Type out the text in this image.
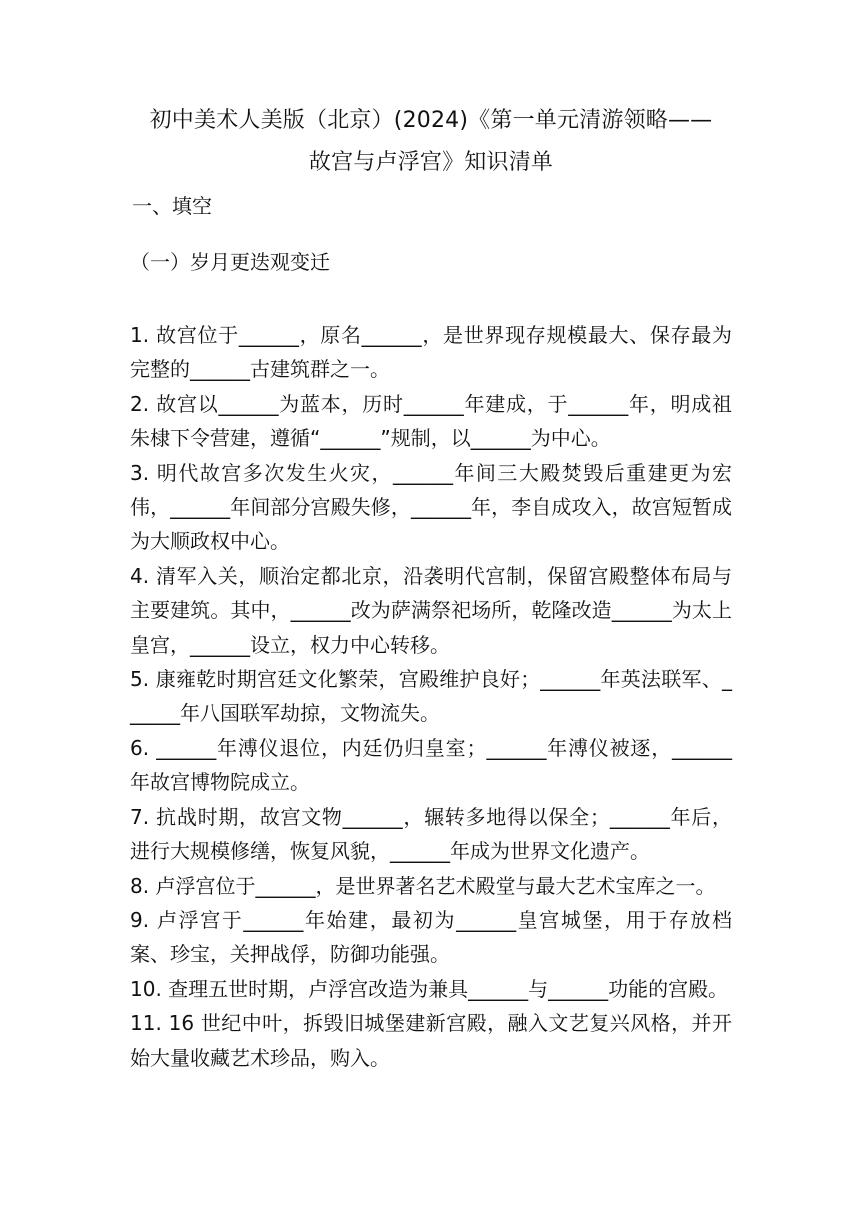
初中美术人美版（北京）(2024)《第一单元清游领略——
故宫与卢浮宫》知识清单
一、填空
（一）岁月更迭观变迁
1. 故宫位于______，原名______，是世界现存规模最大、保存最为完整的______古建筑群之一。
2. 故宫以______为蓝本，历时______年建成，于______年，明成祖朱棣下令营建，遵循“______”规制，以______为中心。
3. 明代故宫多次发生火灾，______年间三大殿焚毁后重建更为宏伟，______年间部分宫殿失修，______年，李自成攻入，故宫短暂成为大顺政权中心。
4. 清军入关，顺治定都北京，沿袭明代宫制，保留宫殿整体布局与主要建筑。其中，______改为萨满祭祀场所，乾隆改造______为太上皇宫，______设立，权力中心转移。
5. 康雍乾时期宫廷文化繁荣，宫殿维护良好；______年英法联军、______年八国联军劫掠，文物流失。
6. ______年溥仪退位，内廷仍归皇室；______年溥仪被逐，______年故宫博物院成立。
7. 抗战时期，故宫文物______，辗转多地得以保全；______年后，进行大规模修缮，恢复风貌，______年成为世界文化遗产。
8. 卢浮宫位于______，是世界著名艺术殿堂与最大艺术宝库之一。
9. 卢浮宫于______年始建，最初为______皇宫城堡，用于存放档案、珍宝，关押战俘，防御功能强。
10. 查理五世时期，卢浮宫改造为兼具______与______功能的宫殿。
11. 16 世纪中叶，拆毁旧城堡建新宫殿，融入文艺复兴风格，并开始大量收藏艺术珍品，购入。
